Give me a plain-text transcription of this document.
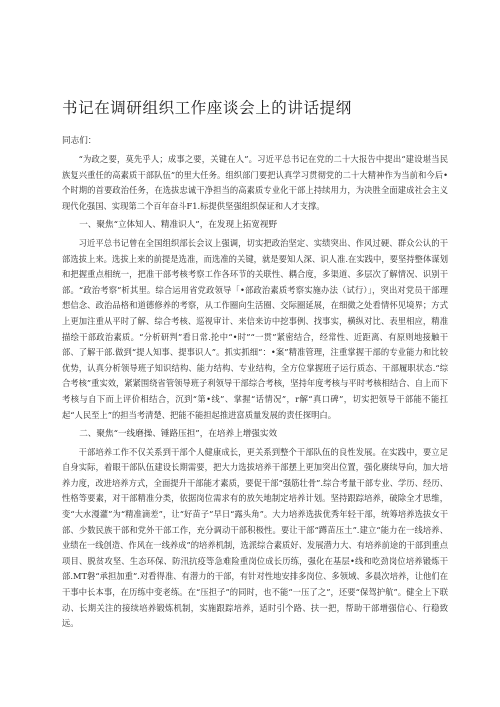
书记在调研组织工作座谈会上的讲话提纲

同志们：

“为政之要，莫先乎人；成事之要，关键在人”。习近平总书记在党的二十大报告中提出“建设堪当民族复兴重任的高素质干部队伍”的里大任务。组织部门要把认真学习贯彻党的二十大精神作为当前和今后•个时期的首要政治任务，在选拔忠诚干净担当的高素质专业化干部上持续用力，为决胜全面建成社会主义现代化强国、实现第二个百年奋斗F1.标提供坚强组织保证和人才支撑。

一、聚焦“立体知人、精准识人”，在发现上拓宽视野

习近平总书记曾在全国组织部长会议上强调，切实把政治坚定、实绩突出、作风过硬、群众公认的干部选拔上来。选拔上来的前提是选准，而选准的关键，就是要知人深、识人准.在实践中，要坚持整体谋划和把握重点相统一，把准干部考核考察工作各环节的关联性、耦合度，多渠道、多层次了解情况、识别干部。“政治考察”析其里。综合运用省党政领导「•部政治素质考察实施办法（试行）」，突出对党员干部理想信念、政治品格和道德修养的考察，从工作圈向生活圈、交际圈延展，在细微之处看情怀见境界；方式上更加注重从平时了解、综合考核、巡视审计、来信来访中挖事例、找事实，横纵对比、表里相应，精准描绘干部政治素质。“分析研判”看日常.抡中“•时”“一贯”紧密结合，经常性、近距离、有原则地接触干部、了解干部.做到“提人知事、提事识人”。抓实抓细“：•案”精准管理，注重掌握干部的专业能力和比较优势，认真分析领导班子知识结构、能力结构、专业结构，全方位掌握班子运行质态、干部履职状态.“综合考核”重实效，紧紧围绕省管领导班子利领导干部综合考核，坚持年度考核与平时考核相结合、自上而下考核与自下而上评价相结合，沉到“第•线”、掌握“话情况”，r解“真口碑”，切实把领导干部能不能扛起“人民至上”的担当考清楚、把能不能担起推进富质量发展的责任探明白。

二、聚焦“一线磨操、锤路压担”，在培养上增强实效

干部培养工作不仅关系到干部个人健康成长，更关系到整个干部队伍的良性发展。在实践中，要立足自身实际，着眼干部队伍建设长期需要，把大力选拔培养干部摆上更加突出位置，强化赓续导向，加大培养力度，改进培养方式，全面提升干部能才素质，要促干部“强筋壮骨”.综合考量干部专业、学历、经历、性格等要素，对干部精准分类，依据岗位需求有的放矢地制定培养计划。坚持跟踪培养，破除全才思维，变“大水漫灌”为“精准滴差”，让“好苗子”早日“露头角”。大力培养选拔优秀年轻干部，统筹培养选拔女干部、少数民族干部和党外干部工作，充分调动干部积极性。要让干部“蹲苗压土”.建立“能力在一线培养、业绩在一线创造、作风在一线养成”的培养机制，选派综合素质好、发展潜力大、有培养前途的干部到重点项目、脱贫攻坚、生态环保、防汛抗疫等急难险重岗位成长历练，强化在基层•线和吃劲岗位培养锻炼干部.MT磐“承担加重”.对看得准、有潜力的干部，有针对性地安排多岗位、多领域、多晨次培养，让他们在干事中长本事，在历练中变老练。在“压担子”的同时，也不能“一压了之”，还要“保驾护航”。健全上下联动、长期关注的接续培养锻炼机制，实施跟踪培养，适时引个路、扶一把，帮助干部增强信心、行稳致远。
